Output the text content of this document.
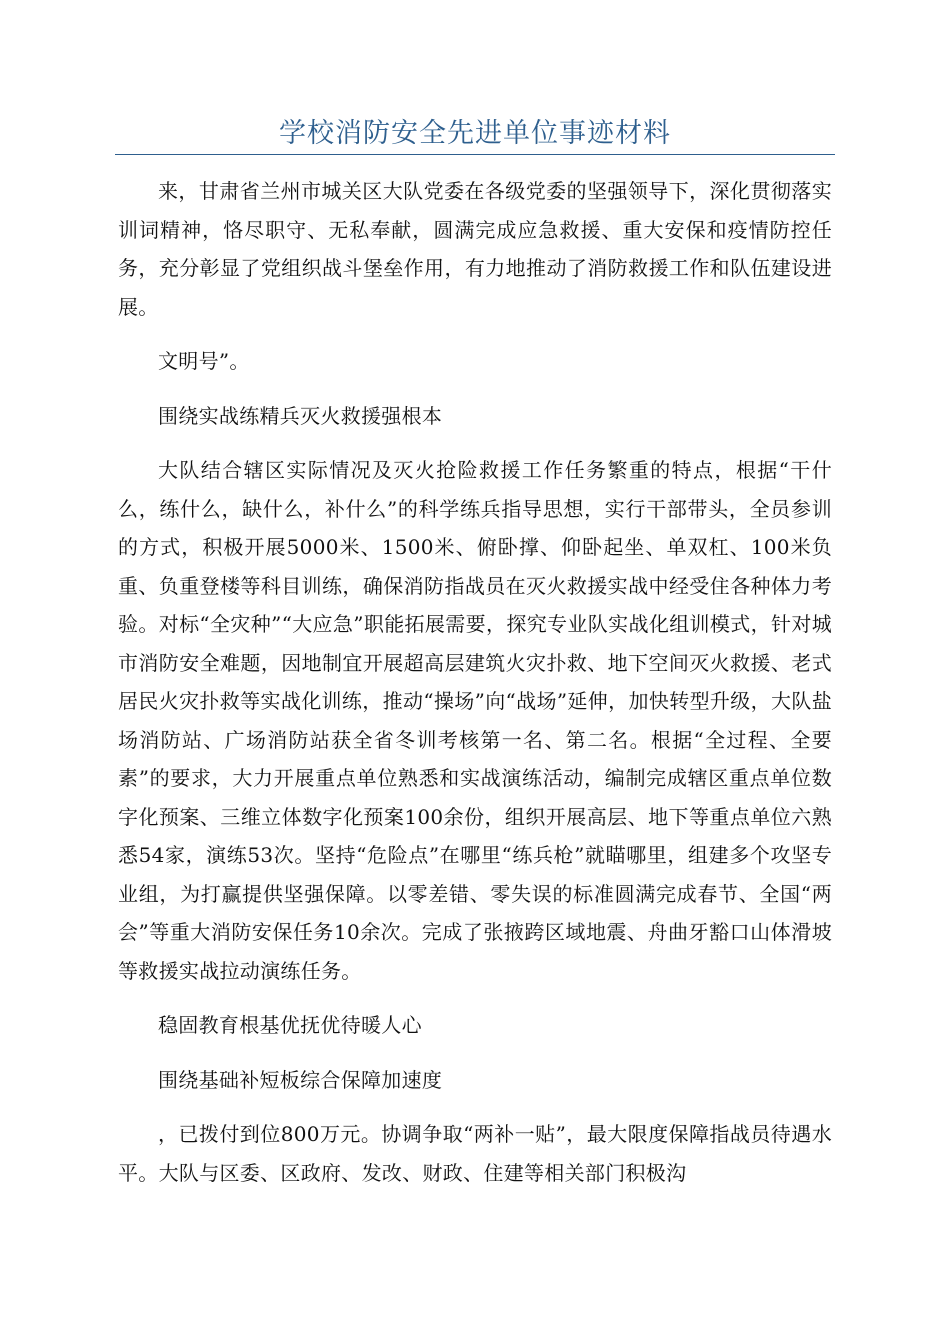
学校消防安全先进单位事迹材料

来，甘肃省兰州市城关区大队党委在各级党委的坚强领导下，深化贯彻落实训词精神，恪尽职守、无私奉献，圆满完成应急救援、重大安保和疫情防控任务，充分彰显了党组织战斗堡垒作用，有力地推动了消防救援工作和队伍建设进展。

文明号”。

围绕实战练精兵灭火救援强根本

大队结合辖区实际情况及灭火抢险救援工作任务繁重的特点，根据“干什么，练什么，缺什么，补什么”的科学练兵指导思想，实行干部带头，全员参训的方式，积极开展5000米、1500米、俯卧撑、仰卧起坐、单双杠、100米负重、负重登楼等科目训练，确保消防指战员在灭火救援实战中经受住各种体力考验。对标“全灾种”“大应急”职能拓展需要，探究专业队实战化组训模式，针对城市消防安全难题，因地制宜开展超高层建筑火灾扑救、地下空间灭火救援、老式居民火灾扑救等实战化训练，推动“操场”向“战场”延伸，加快转型升级，大队盐场消防站、广场消防站获全省冬训考核第一名、第二名。根据“全过程、全要素”的要求，大力开展重点单位熟悉和实战演练活动，编制完成辖区重点单位数字化预案、三维立体数字化预案100余份，组织开展高层、地下等重点单位六熟悉54家，演练53次。坚持“危险点”在哪里“练兵枪”就瞄哪里，组建多个攻坚专业组，为打赢提供坚强保障。以零差错、零失误的标准圆满完成春节、全国“两会”等重大消防安保任务10余次。完成了张掖跨区域地震、舟曲牙豁口山体滑坡等救援实战拉动演练任务。

稳固教育根基优抚优待暖人心

围绕基础补短板综合保障加速度

，已拨付到位800万元。协调争取“两补一贴”，最大限度保障指战员待遇水平。大队与区委、区政府、发改、财政、住建等相关部门积极沟
